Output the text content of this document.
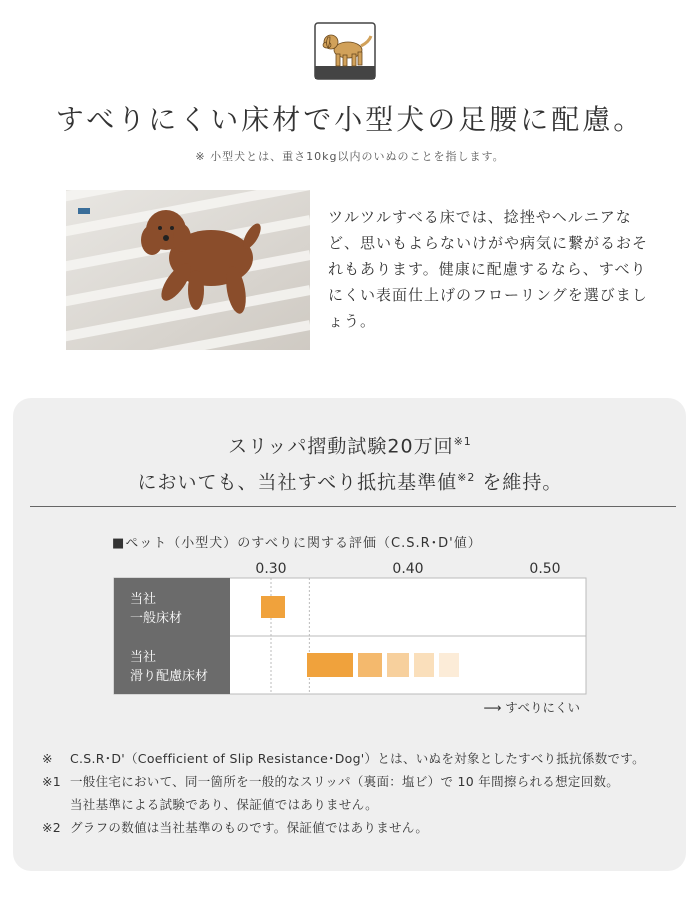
すべりにくい床材で小型犬の足腰に配慮。
※ 小型犬とは、重さ10kg以内のいぬのことを指します。
ツルツルすべる床では、捻挫やヘルニアなど、思いもよらないけがや病気に繋がるおそれもあります。健康に配慮するなら、すべりにくい表面仕上げのフローリングを選びましょう。
スリッパ摺動試験20万回$^{※1}$
においても、当社すべり抵抗基準値$^{※2}$ を維持。
■ペット（小型犬）のすべりに関する評価（C.S.R･D'値）
0.30	0.40	0.50
当社
一般床材
当社
滑り配慮床材
⟶ すべりにくい
※	C.S.R･D'（Coefficient of Slip Resistance･Dog'）とは、いぬを対象としたすべり抵抗係数です。
※1 一般住宅において、同一箇所を一般的なスリッパ（裏面：塩ビ）で 10 年間擦られる想定回数。
当社基準による試験であり、保証値ではありません。
※2 グラフの数値は当社基準のものです。保証値ではありません。
